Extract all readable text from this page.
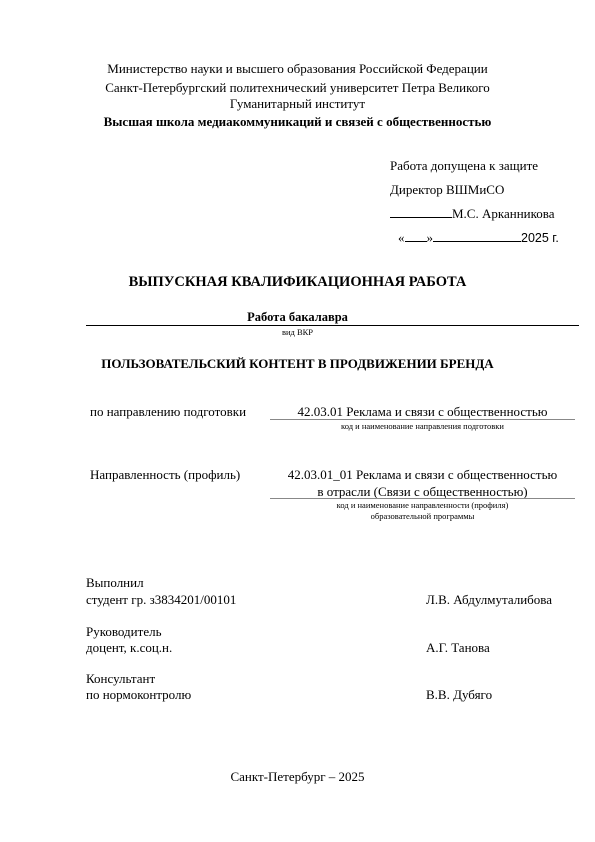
Министерство науки и высшего образования Российской Федерации
Санкт-Петербургский политехнический университет Петра Великого
Гуманитарный институт
Высшая школа медиакоммуникаций и связей с общественностью
Работа допущена к защите
Директор ВШМиСО
М.С. Арканникова
« »	2025 г.
ВЫПУСКНАЯ КВАЛИФИКАЦИОННАЯ РАБОТА
Работа бакалавра
вид ВКР
ПОЛЬЗОВАТЕЛЬСКИЙ КОНТЕНТ В ПРОДВИЖЕНИИ БРЕНДА
по направлению подготовки	42.03.01 Реклама и связи с общественностью
код и наименование направления подготовки
Направленность (профиль)	42.03.01_01 Реклама и связи с общественностью
в отрасли (Связи с общественностью)
код и наименование направленности (профиля)
образовательной программы
Выполнил
студент гр. з3834201/00101	Л.В. Абдулмуталибова
Руководитель
доцент, к.соц.н.	А.Г. Танова
Консультант
по нормоконтролю	В.В. Дубяго
Санкт-Петербург – 2025
